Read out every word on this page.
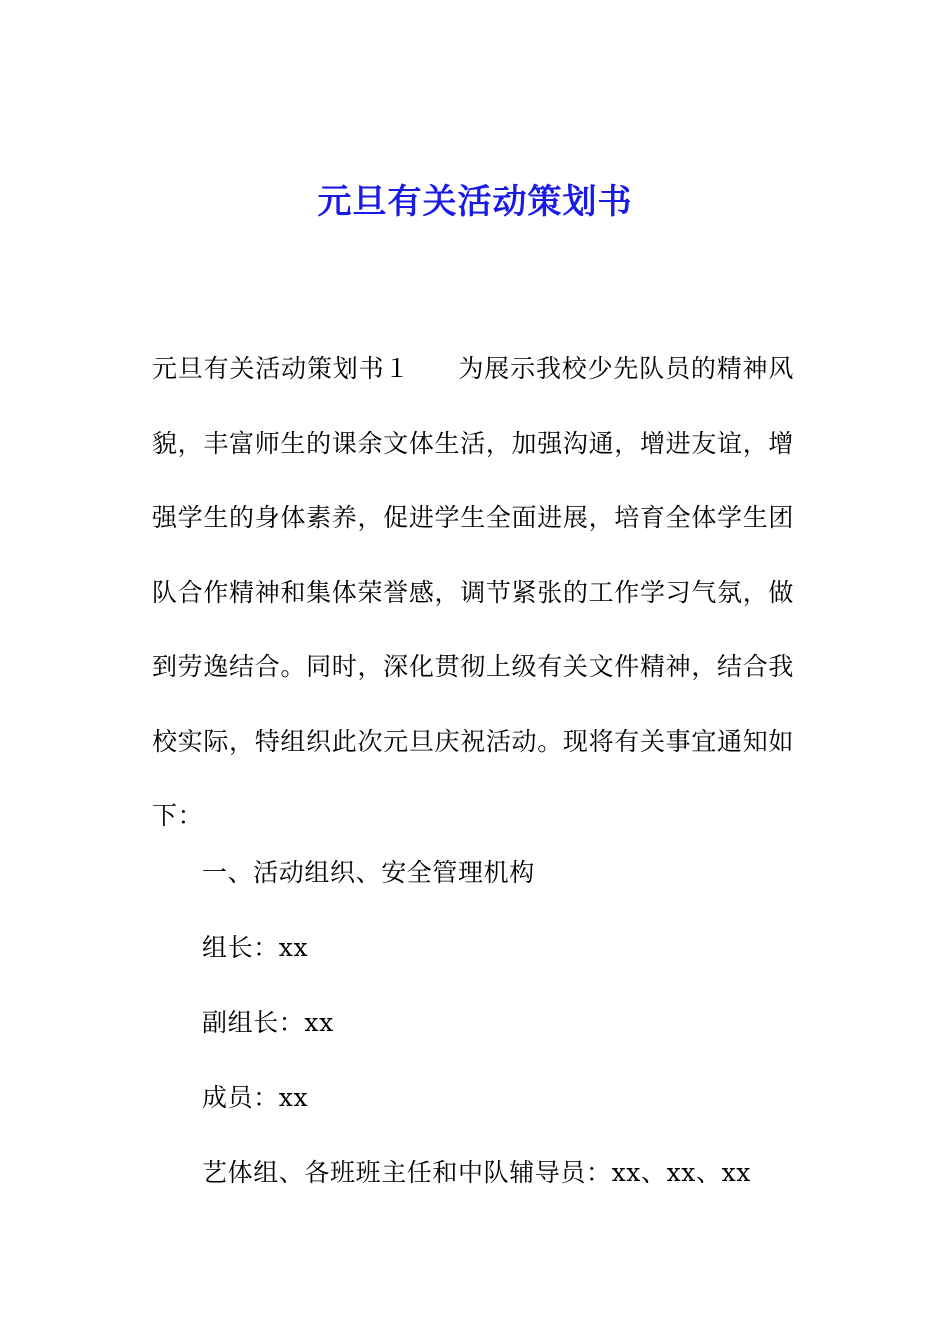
元旦有关活动策划书

元旦有关活动策划书１ 为展示我校少先队员的精神风貌，丰富师生的课余文体生活，加强沟通，增进友谊，增强学生的身体素养，促进学生全面进展，培育全体学生团队合作精神和集体荣誉感，调节紧张的工作学习气氛，做到劳逸结合。同时，深化贯彻上级有关文件精神，结合我校实际，特组织此次元旦庆祝活动。现将有关事宜通知如下：

一、活动组织、安全管理机构

组长：xx

副组长：xx

成员：xx

艺体组、各班班主任和中队辅导员：xx、xx、xx
